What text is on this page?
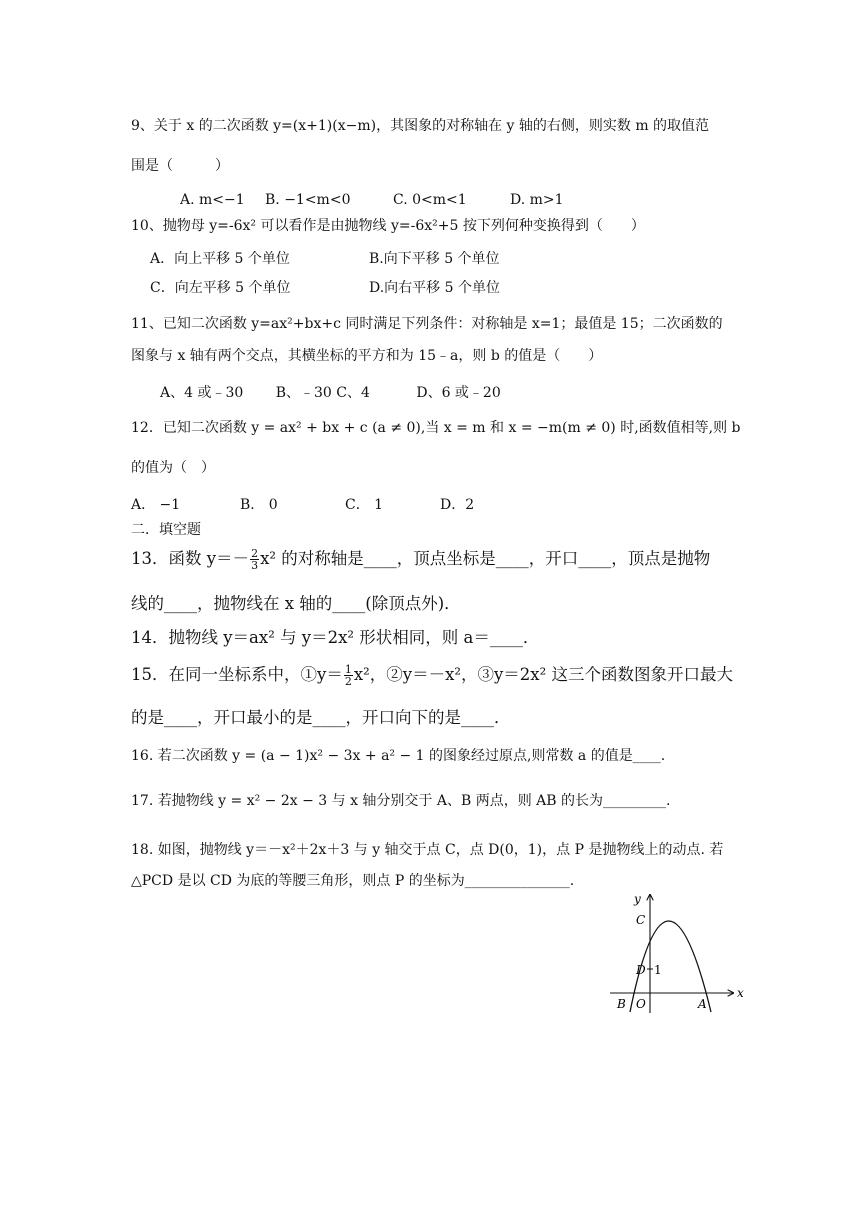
9、关于 x 的二次函数 y=(x+1)(x−m)，其图象的对称轴在 y 轴的右侧，则实数 m 的取值范
围是（　　　）
A. m<−1 B. −1<m<0	C. 0<m<1	D. m>1
10、抛物母 y=-6x² 可以看作是由抛物线 y=-6x²+5 按下列何种变换得到（　　）
A．向上平移 5 个单位	B.向下平移 5 个单位
C．向左平移 5 个单位	D.向右平移 5 个单位
11、已知二次函数 y=ax²+bx+c 同时满足下列条件：对称轴是 x=1；最值是 15；二次函数的
图象与 x 轴有两个交点，其横坐标的平方和为 15﹣a，则 b 的值是（　　）
A、4 或﹣30　　 B、﹣30 C、4　　　 D、6 或﹣20
12．已知二次函数 y = ax² + bx + c (a ≠ 0),当 x = m 和 x = −m(m ≠ 0) 时,函数值相等,则 b
的值为（　）
A． −1	B． 0	C． 1	D．2
二．填空题
13．函数 $y=- \frac{2}{3} x^2$ 的对称轴是____，顶点坐标是____，开口____，顶点是抛物
线的____，抛物线在 x 轴的____(除顶点外)．
14．抛物线 y＝ax² 与 y＝2x² 形状相同，则 a＝____．
15．在同一坐标系中，①y＝ $\frac{1}{2} x^2$，②y＝－x²，③y＝2x² 这三个函数图象开口最大
的是____，开口最小的是____，开口向下的是____．
16. 若二次函数 y = (a − 1)x² − 3x + a² − 1 的图象经过原点,则常数 a 的值是____.
17. 若抛物线 y = x² − 2x − 3 与 x 轴分别交于 A、B 两点，则 AB 的长为_________.
18. 如图，抛物线 y＝－x²＋2x＋3 与 y 轴交于点 C，点 D(0，1)，点 P 是抛物线上的动点. 若
△PCD 是以 CD 为底的等腰三角形，则点 P 的坐标为_______________.
y
x
C
D 1
B O	A
